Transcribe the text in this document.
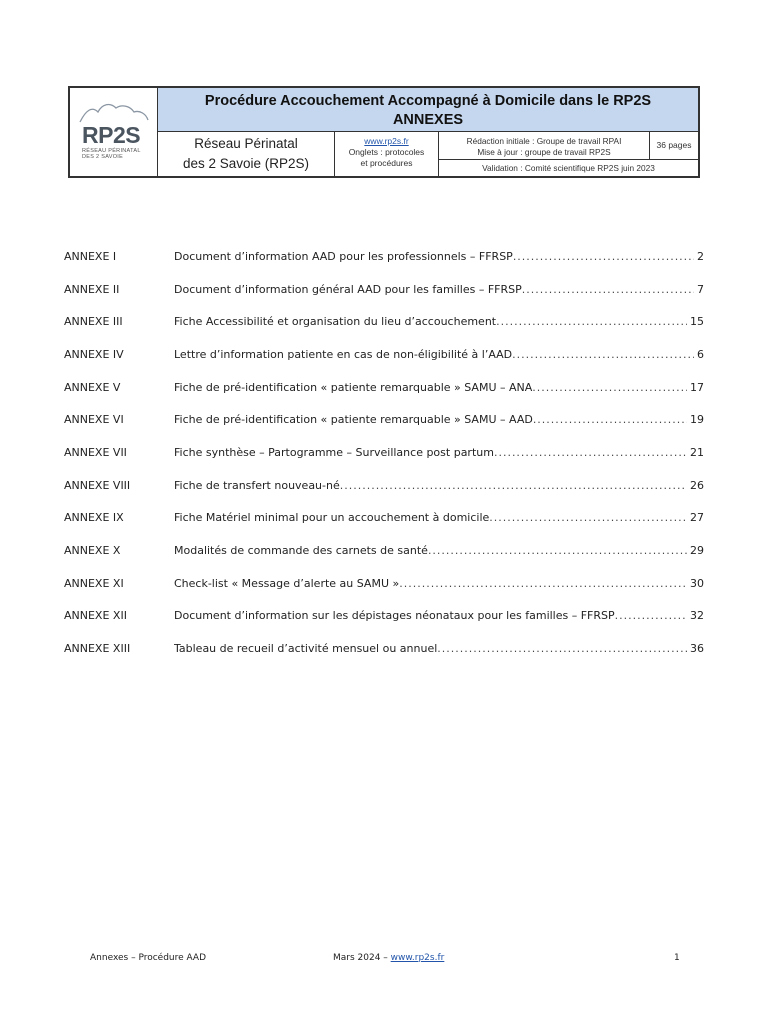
RP2S
RÉSEAU PÉRINATAL
DES 2 SAVOIE
Procédure Accouchement Accompagné à Domicile dans le RP2S
ANNEXES
Réseau Périnatal
des 2 Savoie (RP2S)
www.rp2s.fr
Onglets : protocoles
et procédures
Rédaction initiale : Groupe de travail RPAI
Mise à jour : groupe de travail RP2S
36 pages
Validation : Comité scientifique RP2S juin 2023
ANNEXE I	Document d’information AAD pour les professionnels – FFRSP .....	2
ANNEXE II	Document d’information général AAD pour les familles – FFRSP .....	7
ANNEXE III	Fiche Accessibilité et organisation du lieu d’accouchement .....	15
ANNEXE IV	Lettre d’information patiente en cas de non-éligibilité à l’AAD .....	6
ANNEXE V	Fiche de pré-identification « patiente remarquable » SAMU – ANA .....	17
ANNEXE VI	Fiche de pré-identification « patiente remarquable » SAMU – AAD .....	19
ANNEXE VII	Fiche synthèse – Partogramme – Surveillance post partum .....	21
ANNEXE VIII	Fiche de transfert nouveau-né .....	26
ANNEXE IX	Fiche Matériel minimal pour un accouchement à domicile .....	27
ANNEXE X	Modalités de commande des carnets de santé .....	29
ANNEXE XI	Check-list « Message d’alerte au SAMU » .....	30
ANNEXE XII	Document d’information sur les dépistages néonataux pour les familles – FFRSP .....	32
ANNEXE XIII	Tableau de recueil d’activité mensuel ou annuel .....	36
Annexes – Procédure AAD	Mars 2024 – www.rp2s.fr	1
